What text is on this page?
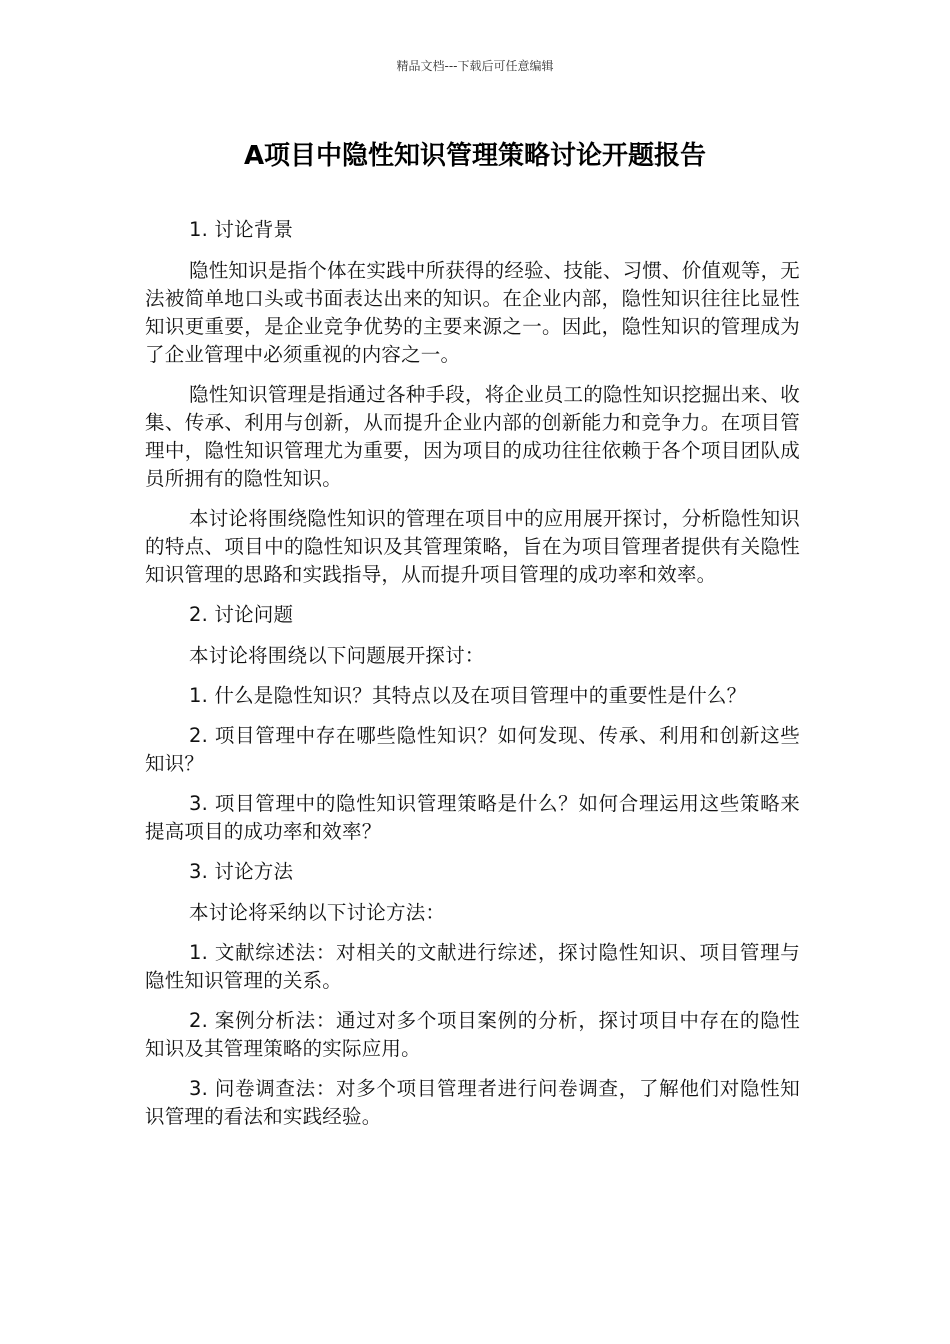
精品文档---下载后可任意编辑
A项目中隐性知识管理策略讨论开题报告

1. 讨论背景

隐性知识是指个体在实践中所获得的经验、技能、习惯、价值观等，无法被简单地口头或书面表达出来的知识。在企业内部，隐性知识往往比显性知识更重要，是企业竞争优势的主要来源之一。因此，隐性知识的管理成为了企业管理中必须重视的内容之一。

隐性知识管理是指通过各种手段，将企业员工的隐性知识挖掘出来、收集、传承、利用与创新，从而提升企业内部的创新能力和竞争力。在项目管理中，隐性知识管理尤为重要，因为项目的成功往往依赖于各个项目团队成员所拥有的隐性知识。

本讨论将围绕隐性知识的管理在项目中的应用展开探讨，分析隐性知识的特点、项目中的隐性知识及其管理策略，旨在为项目管理者提供有关隐性知识管理的思路和实践指导，从而提升项目管理的成功率和效率。

2. 讨论问题

本讨论将围绕以下问题展开探讨：

1. 什么是隐性知识？其特点以及在项目管理中的重要性是什么？

2. 项目管理中存在哪些隐性知识？如何发现、传承、利用和创新这些知识？

3. 项目管理中的隐性知识管理策略是什么？如何合理运用这些策略来提高项目的成功率和效率？

3. 讨论方法

本讨论将采纳以下讨论方法：

1. 文献综述法：对相关的文献进行综述，探讨隐性知识、项目管理与隐性知识管理的关系。

2. 案例分析法：通过对多个项目案例的分析，探讨项目中存在的隐性知识及其管理策略的实际应用。

3. 问卷调查法：对多个项目管理者进行问卷调查，了解他们对隐性知识管理的看法和实践经验。
